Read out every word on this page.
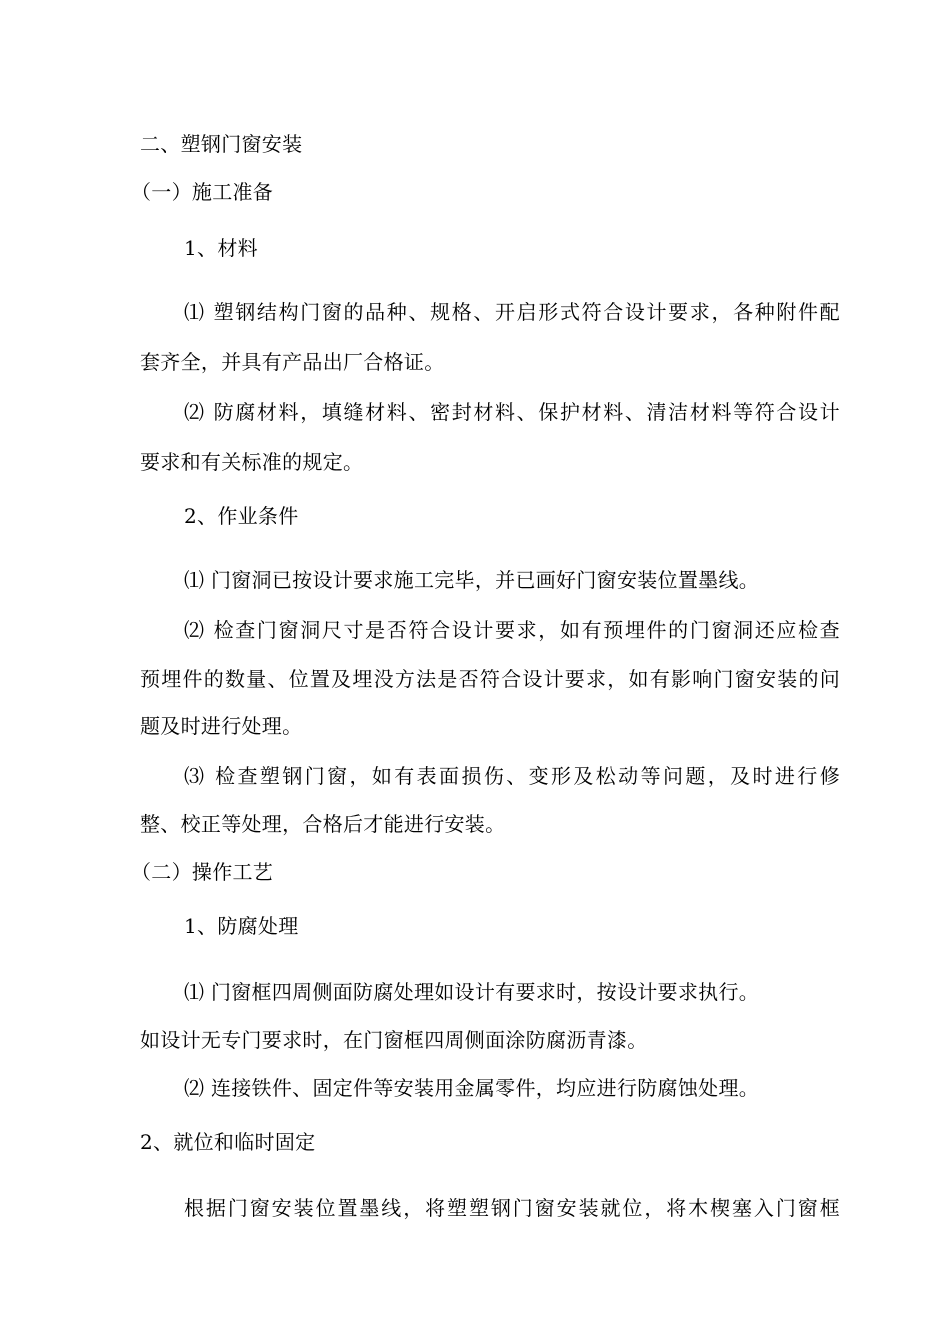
二、塑钢门窗安装
（一）施工准备
1、材料
⑴ 塑钢结构门窗的品种、规格、开启形式符合设计要求，各种附件配
套齐全，并具有产品出厂合格证。
⑵ 防腐材料，填缝材料、密封材料、保护材料、清洁材料等符合设计
要求和有关标准的规定。
2、作业条件
⑴ 门窗洞已按设计要求施工完毕，并已画好门窗安装位置墨线。
⑵ 检查门窗洞尺寸是否符合设计要求，如有预埋件的门窗洞还应检查
预埋件的数量、位置及埋没方法是否符合设计要求，如有影响门窗安装的问
题及时进行处理。
⑶ 检查塑钢门窗，如有表面损伤、变形及松动等问题，及时进行修
整、校正等处理，合格后才能进行安装。
（二）操作工艺
1、防腐处理
⑴ 门窗框四周侧面防腐处理如设计有要求时，按设计要求执行。
如设计无专门要求时，在门窗框四周侧面涂防腐沥青漆。
⑵ 连接铁件、固定件等安装用金属零件，均应进行防腐蚀处理。
2、就位和临时固定
根据门窗安装位置墨线，将塑塑钢门窗安装就位，将木楔塞入门窗框
